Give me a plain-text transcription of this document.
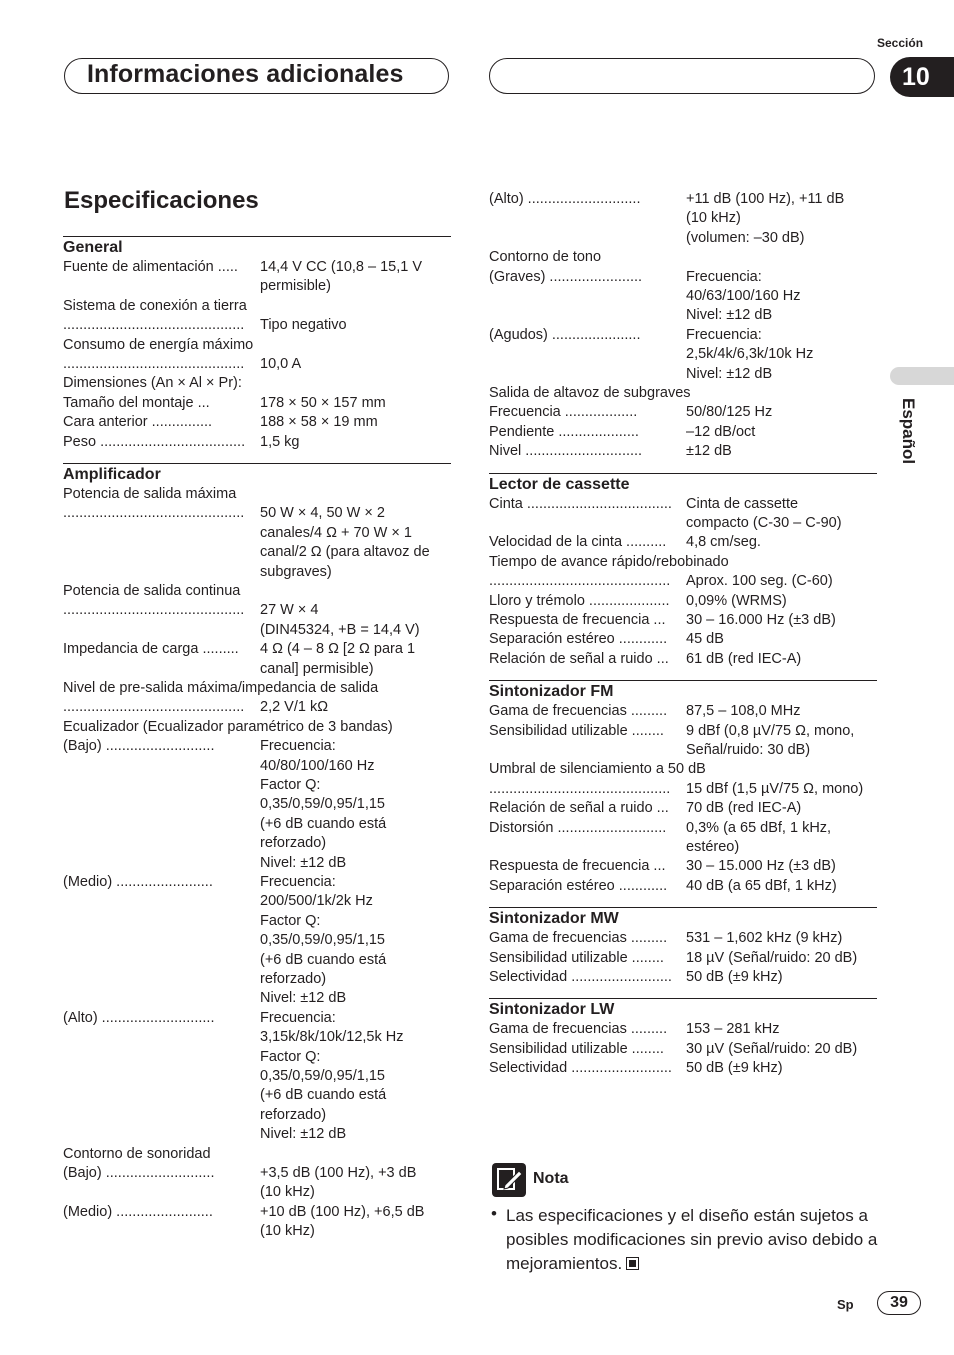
Informaciones adicionales
Sección
10
Español
Especificaciones
General
Fuente de alimentación .....	14,4 V CC (10,8 – 15,1 V
permisible)
Sistema de conexión a tierra
.............................................	Tipo negativo
Consumo de energía máximo
.............................................	10,0 A
Dimensiones (An × Al × Pr):
Tamaño del montaje ...	178 × 50 × 157 mm
Cara anterior ...............	188 × 58 × 19 mm
Peso ....................................	1,5 kg
Amplificador
Potencia de salida máxima
.............................................	50 W × 4, 50 W × 2
canales/4 Ω + 70 W × 1
canal/2 Ω (para altavoz de
subgraves)
Potencia de salida continua
.............................................	27 W × 4
(DIN45324, +B = 14,4 V)
Impedancia de carga .........	4 Ω (4 – 8 Ω [2 Ω para 1
canal] permisible)
Nivel de pre-salida máxima/impedancia de salida
.............................................	2,2 V/1 kΩ
Ecualizador (Ecualizador paramétrico de 3 bandas)
(Bajo) ...........................	Frecuencia:
40/80/100/160 Hz
Factor Q:
0,35/0,59/0,95/1,15
(+6 dB cuando está
reforzado)
Nivel: ±12 dB
(Medio) ........................	Frecuencia:
200/500/1k/2k Hz
Factor Q:
0,35/0,59/0,95/1,15
(+6 dB cuando está
reforzado)
Nivel: ±12 dB
(Alto) ............................	Frecuencia:
3,15k/8k/10k/12,5k Hz
Factor Q:
0,35/0,59/0,95/1,15
(+6 dB cuando está
reforzado)
Nivel: ±12 dB
Contorno de sonoridad
(Bajo) ...........................	+3,5 dB (100 Hz), +3 dB
(10 kHz)
(Medio) ........................	+10 dB (100 Hz), +6,5 dB
(10 kHz)
(Alto) ............................	+11 dB (100 Hz), +11 dB
(10 kHz)
(volumen: –30 dB)
Contorno de tono
(Graves) .......................	Frecuencia:
40/63/100/160 Hz
Nivel: ±12 dB
(Agudos) ......................	Frecuencia:
2,5k/4k/6,3k/10k Hz
Nivel: ±12 dB
Salida de altavoz de subgraves
Frecuencia ..................	50/80/125 Hz
Pendiente ....................	–12 dB/oct
Nivel .............................	±12 dB
Lector de cassette
Cinta .................................... Cinta de cassette
compacto (C-30 – C-90)
Velocidad de la cinta ..........	4,8 cm/seg.
Tiempo de avance rápido/rebobinado
.............................................	Aprox. 100 seg. (C-60)
Lloro y trémolo ....................	0,09% (WRMS)
Respuesta de frecuencia ...	30 – 16.000 Hz (±3 dB)
Separación estéreo ............	45 dB
Relación de señal a ruido ...	61 dB (red IEC-A)
Sintonizador FM
Gama de frecuencias .........	87,5 – 108,0 MHz
Sensibilidad utilizable ........	9 dBf (0,8 µV/75 Ω, mono,
Señal/ruido: 30 dB)
Umbral de silenciamiento a 50 dB
.............................................	15 dBf (1,5 µV/75 Ω, mono)
Relación de señal a ruido ...	70 dB (red IEC-A)
Distorsión ...........................	0,3% (a 65 dBf, 1 kHz,
estéreo)
Respuesta de frecuencia ...	30 – 15.000 Hz (±3 dB)
Separación estéreo ............	40 dB (a 65 dBf, 1 kHz)
Sintonizador MW
Gama de frecuencias .........	531 – 1,602 kHz (9 kHz)
Sensibilidad utilizable ........	18 µV (Señal/ruido: 20 dB)
Selectividad ......................... 50 dB (±9 kHz)
Sintonizador LW
Gama de frecuencias .........	153 – 281 kHz
Sensibilidad utilizable ........	30 µV (Señal/ruido: 20 dB)
Selectividad ......................... 50 dB (±9 kHz)
Nota
• Las especificaciones y el diseño están sujetos a posibles modificaciones sin previo aviso debido a mejoramientos.
Sp	39
